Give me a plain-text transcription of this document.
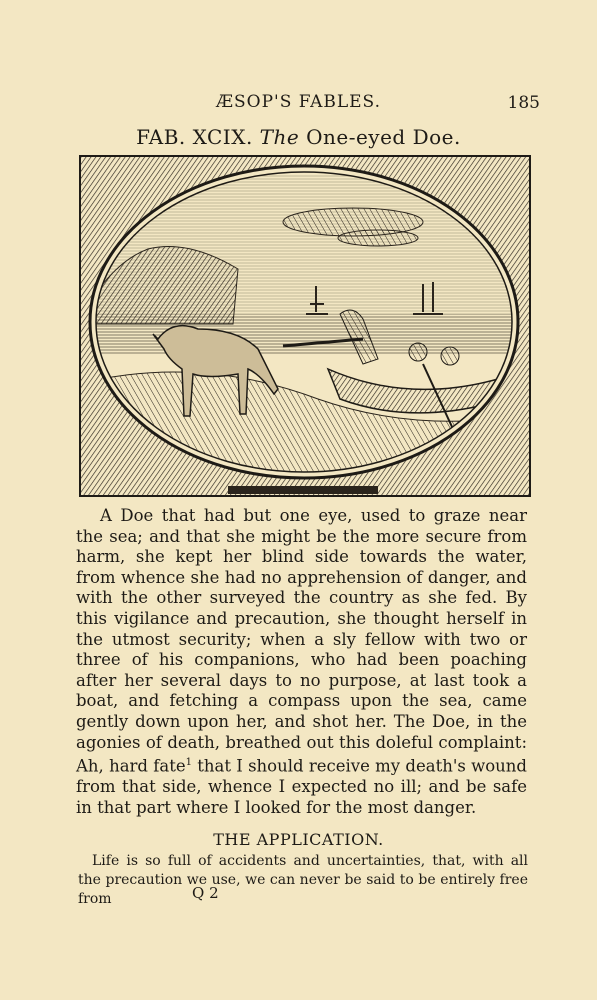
ÆSOP'S FABLES.	185
FAB. XCIX. The One-eyed Doe.

A Doe that had but one eye, used to graze near the sea; and that she might be the more secure from harm, she kept her blind side towards the water, from whence she had no apprehension of danger, and with the other surveyed the country as she fed. By this vigilance and precaution, she thought herself in the utmost security; when a sly fellow with two or three of his companions, who had been poaching after her several days to no purpose, at last took a boat, and fetching a compass upon the sea, came gently down upon her, and shot her. The Doe, in the agonies of death, breathed out this doleful complaint: Ah, hard fate$^1$ that I should receive my death's wound from that side, whence I expected no ill; and be safe in that part where I looked for the most danger.

THE APPLICATION.

Life is so full of accidents and uncertainties, that, with all the precaution we use, we can never be said to be entirely free from	Q 2
